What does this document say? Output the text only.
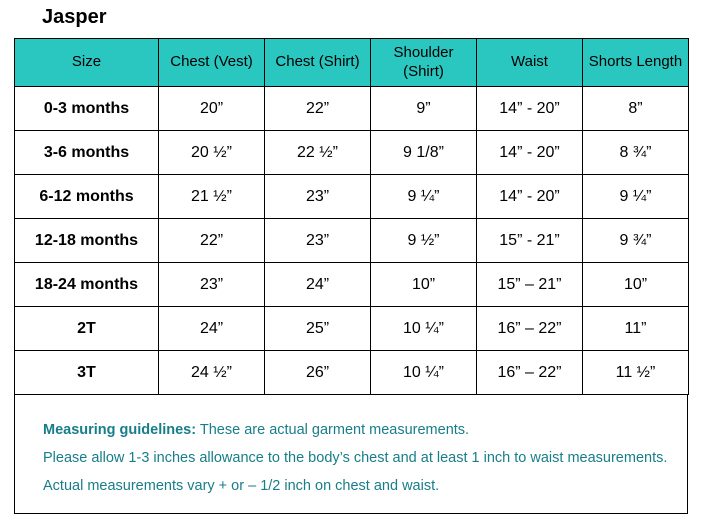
Jasper
Size	Chest (Vest)	Chest (Shirt)	Shoulder (Shirt)	Waist	Shorts Length
0-3 months	20”	22”	9”	14” - 20”	8”
3-6 months	20 ½”	22 ½”	9 1/8”	14” - 20”	8 ¾”
6-12 months	21 ½”	23”	9 ¼”	14” - 20”	9 ¼”
12-18 months	22”	23”	9 ½”	15” - 21”	9 ¾”
18-24 months	23”	24”	10”	15” – 21”	10”
2T	24”	25”	10 ¼”	16” – 22”	11”
3T	24 ½”	26”	10 ¼”	16” – 22”	11 ½”

Measuring guidelines: These are actual garment measurements.

Please allow 1-3 inches allowance to the body’s chest and at least 1 inch to waist measurements.

Actual measurements vary + or – 1/2 inch on chest and waist.
